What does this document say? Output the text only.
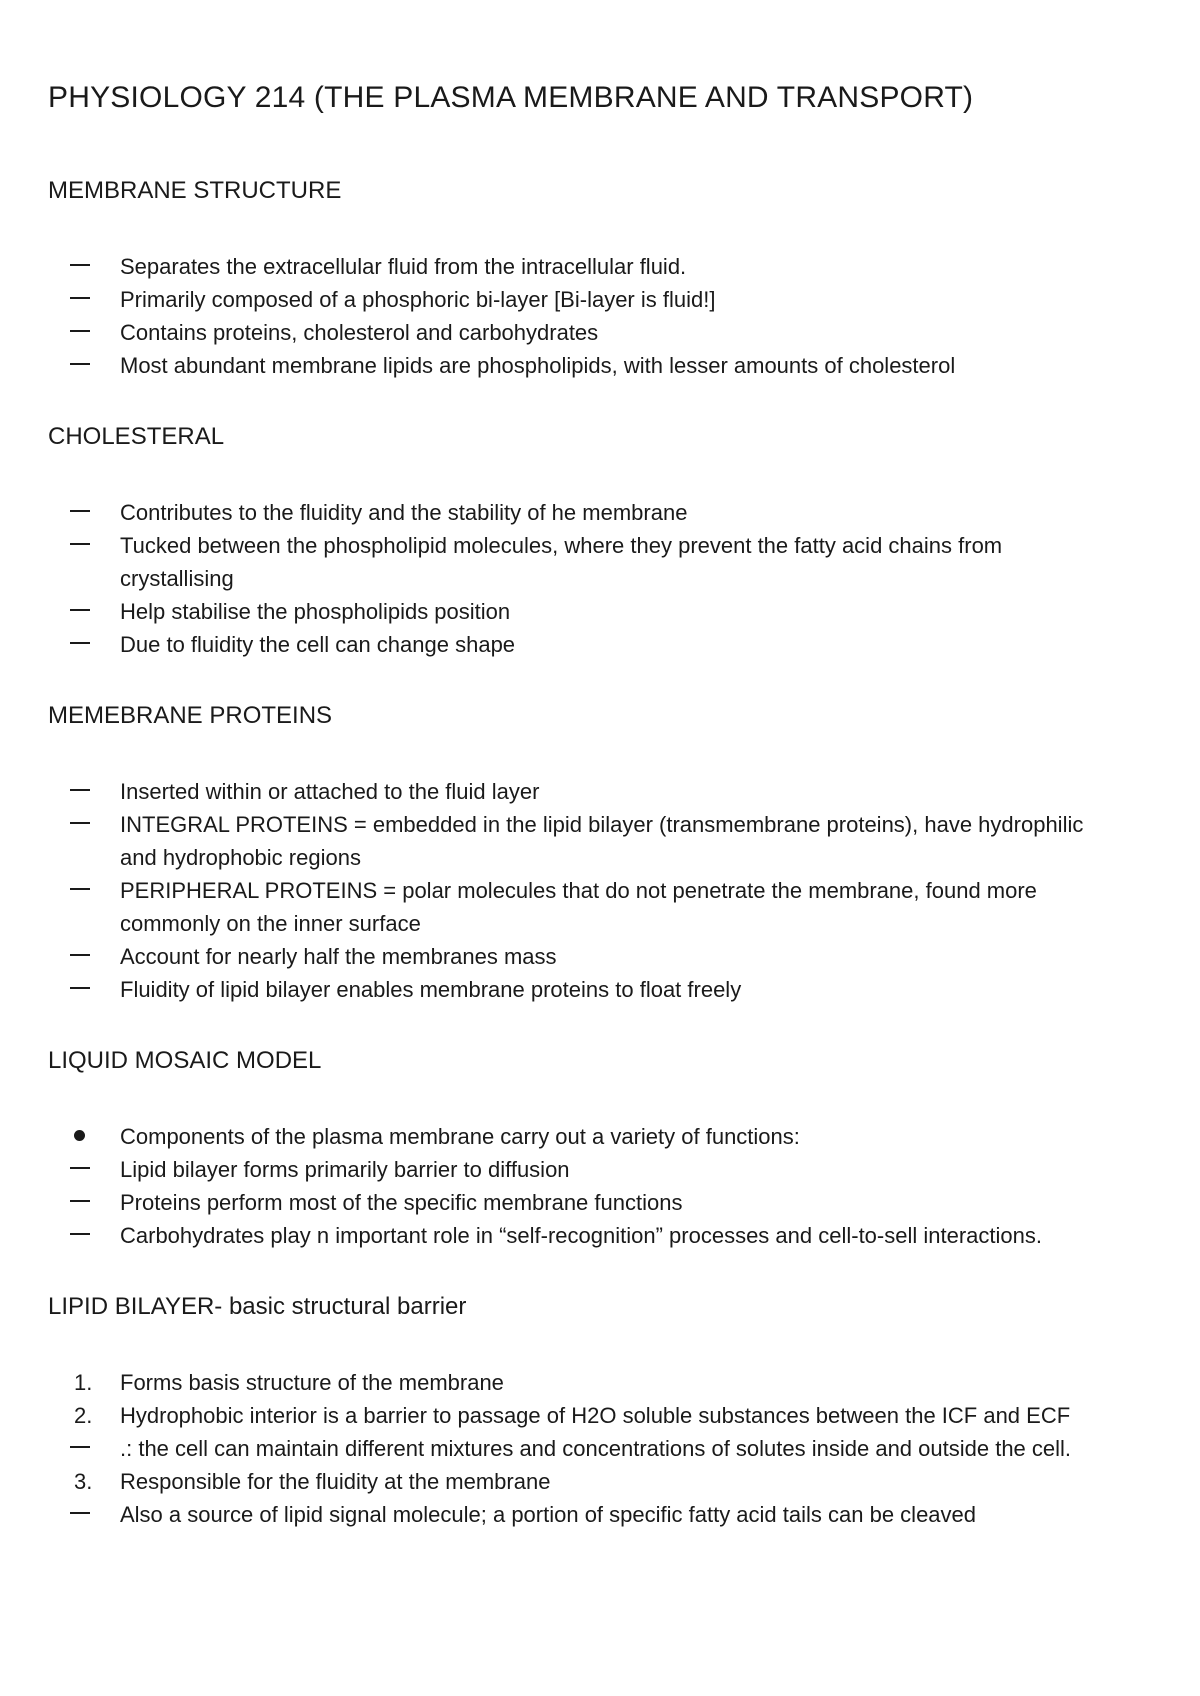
PHYSIOLOGY 214 (THE PLASMA MEMBRANE AND TRANSPORT)
MEMBRANE STRUCTURE
Separates the extracellular fluid from the intracellular fluid.
Primarily composed of a phosphoric bi-layer [Bi-layer is fluid!]
Contains proteins, cholesterol and carbohydrates
Most abundant membrane lipids are phospholipids, with lesser amounts of cholesterol
CHOLESTERAL
Contributes to the fluidity and the stability of he membrane
Tucked between the phospholipid molecules, where they prevent the fatty acid chains from crystallising
Help stabilise the phospholipids position
Due to fluidity the cell can change shape
MEMEBRANE PROTEINS
Inserted within or attached to the fluid layer
INTEGRAL PROTEINS = embedded in the lipid bilayer (transmembrane proteins), have hydrophilic and hydrophobic regions
PERIPHERAL PROTEINS = polar molecules that do not penetrate the membrane, found more commonly on the inner surface
Account for nearly half the membranes mass
Fluidity of lipid bilayer enables membrane proteins to float freely
LIQUID MOSAIC MODEL
Components of the plasma membrane carry out a variety of functions:
Lipid bilayer forms primarily barrier to diffusion
Proteins perform most of the specific membrane functions
Carbohydrates play n important role in “self-recognition” processes and cell-to-sell interactions.
LIPID BILAYER- basic structural barrier
1.	Forms basis structure of the membrane
2.	Hydrophobic interior is a barrier to passage of H2O soluble substances between the ICF and ECF
.: the cell can maintain different mixtures and concentrations of solutes inside and outside the cell.
3.	Responsible for the fluidity at the membrane
Also a source of lipid signal molecule; a portion of specific fatty acid tails can be cleaved
